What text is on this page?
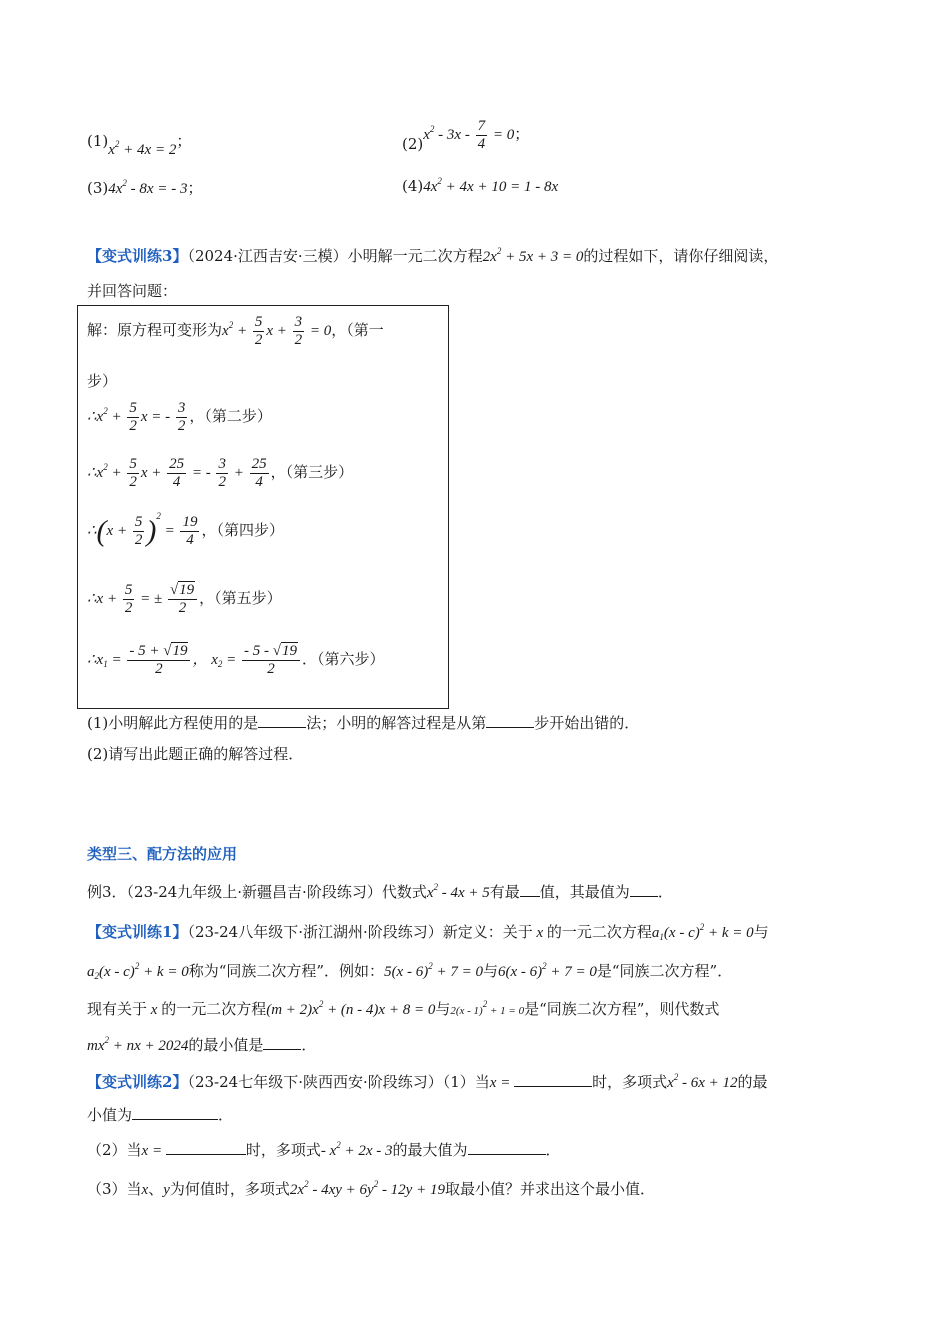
$(1)x^2 + 4x = 2$；	$(2)x^2 - 3x - \frac{7}{4} = 0$；
$(3)4x^2 - 8x$ = - 3；	$(4)4x^2 + 4x + 10 = 1 - 8x$
【变式训练3】（2024·江西吉安·三模）小明解一元二次方程$2x^2 + 5x + 3 = 0$的过程如下，请你仔细阅读，
并回答问题：
解：原方程可变形为$x^2 + \frac{5}{2}$ $x + \frac{3}{2} = 0$，（第一
步）
$\therefore x^2 + \frac{5}{2}$ x = - $\frac{3}{2}$ ，（第二步）
$\therefore x^2 + \frac{5}{2}$ $x + \frac{25}{4}$ = - $\frac{3}{2} + \frac{25}{4}$ ，（第三步）
∴(x + $\frac{5}{2} )^2 = \frac{19}{4}$ ，（第四步）
∴x + $\frac{5}{2}$ = ± $\frac{√19}{2}$ ，（第五步）
$\therefore x_1 = \frac{- 5 + √19}{2}$ ， $x_2 = \frac{- 5 - √19}{2}$ ．（第六步）
(1)小明解此方程使用的是	法；小明的解答过程是从第	步开始出错的．
(2)请写出此题正确的解答过程．
类型三、配方法的应用
例3．（23-24九年级上·新疆昌吉·阶段练习）代数式$x^2 - 4x + 5$有最 值，其最值为 ．
【变式训练1】（23-24八年级下·浙江湖州·阶段练习）新定义：关于 x 的一元二次方程$a_1(x - c)^2 + k = 0$与
$a_2(x - c)^2 + k = 0$称为“同族二次方程”．例如：5(x - 6)$^2$ + 7 = 0与6(x - 6)$^2$ + 7 = 0是“同族二次方程”．
现有关于 x 的一元二次方程$(m + 2)x^2 + (n - 4)x + 8 = 0$与2(x - 1)$^2$ + 1 = 0是“同族二次方程”，则代数式
$mx^2$ + nx + 2024的最小值是	．
【变式训练2】（23-24七年级下·陕西西安·阶段练习）（1）当x =	时，多项式$x^2 - 6x + 12$的最
小值为	．
（2）当x =	时，多项式- $x^2 + 2x - 3$的最大值为	．
（3）当x、y为何值时，多项式$2x^2 - 4xy + 6y^2 - 12y + 19$取最小值？并求出这个最小值．
